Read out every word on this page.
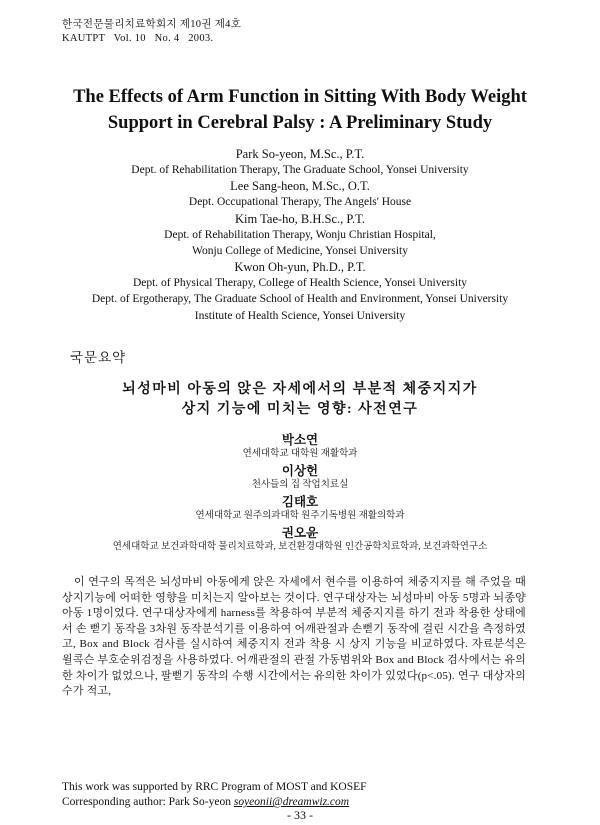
한국전문물리치료학회지 제10권 제4호
KAUTPT   Vol. 10   No. 4   2003.
The Effects of Arm Function in Sitting With Body Weight
Support in Cerebral Palsy : A Preliminary Study
Park So-yeon, M.Sc., P.T.
Dept. of Rehabilitation Therapy, The Graduate School, Yonsei University
Lee Sang-heon, M.Sc., O.T.
Dept. Occupational Therapy, The Angels' House
Kim Tae-ho, B.H.Sc., P.T.
Dept. of Rehabilitation Therapy, Wonju Christian Hospital,
Wonju College of Medicine, Yonsei University
Kwon Oh-yun, Ph.D., P.T.
Dept. of Physical Therapy, College of Health Science, Yonsei University
Dept. of Ergotherapy, The Graduate School of Health and Environment, Yonsei University
Institute of Health Science, Yonsei University
국문요약
뇌성마비 아동의 앉은 자세에서의 부분적 체중지지가
상지 기능에 미치는 영향: 사전연구
박소연
연세대학교 대학원 재활학과
이상헌
천사들의 집 작업치료실
김태호
연세대학교 원주의과대학 원주기독병원 재활의학과
권오윤
연세대학교 보건과학대학 물리치료학과, 보건환경대학원 인간공학치료학과, 보건과학연구소
이 연구의 목적은 뇌성마비 아동에게 앉은 자세에서 현수를 이용하여 체중지지를 해 주었을 때 상지기능에 어떠한 영향을 미치는지 알아보는 것이다. 연구대상자는 뇌성마비 아동 5명과 뇌종양 아동 1명이었다. 연구대상자에게 harness를 착용하여 부분적 체중지지를 하기 전과 착용한 상태에서 손 뻗기 동작을 3차원 동작분석기를 이용하여 어깨관절과 손뻗기 동작에 걸린 시간을 측정하였고, Box and Block 검사를 실시하여 체중지지 전과 착용 시 상지 기능을 비교하였다. 자료분석은 윌콕슨 부호순위검정을 사용하였다. 어깨관절의 관절 가동범위와 Box and Block 검사에서는 유의한 차이가 없었으나, 팔뻗기 동작의 수행 시간에서는 유의한 차이가 있었다(p<.05). 연구 대상자의 수가 적고,
This work was supported by RRC Program of MOST and KOSEF
Corresponding author: Park So-yeon soyeonii@dreamwiz.com
- 33 -
